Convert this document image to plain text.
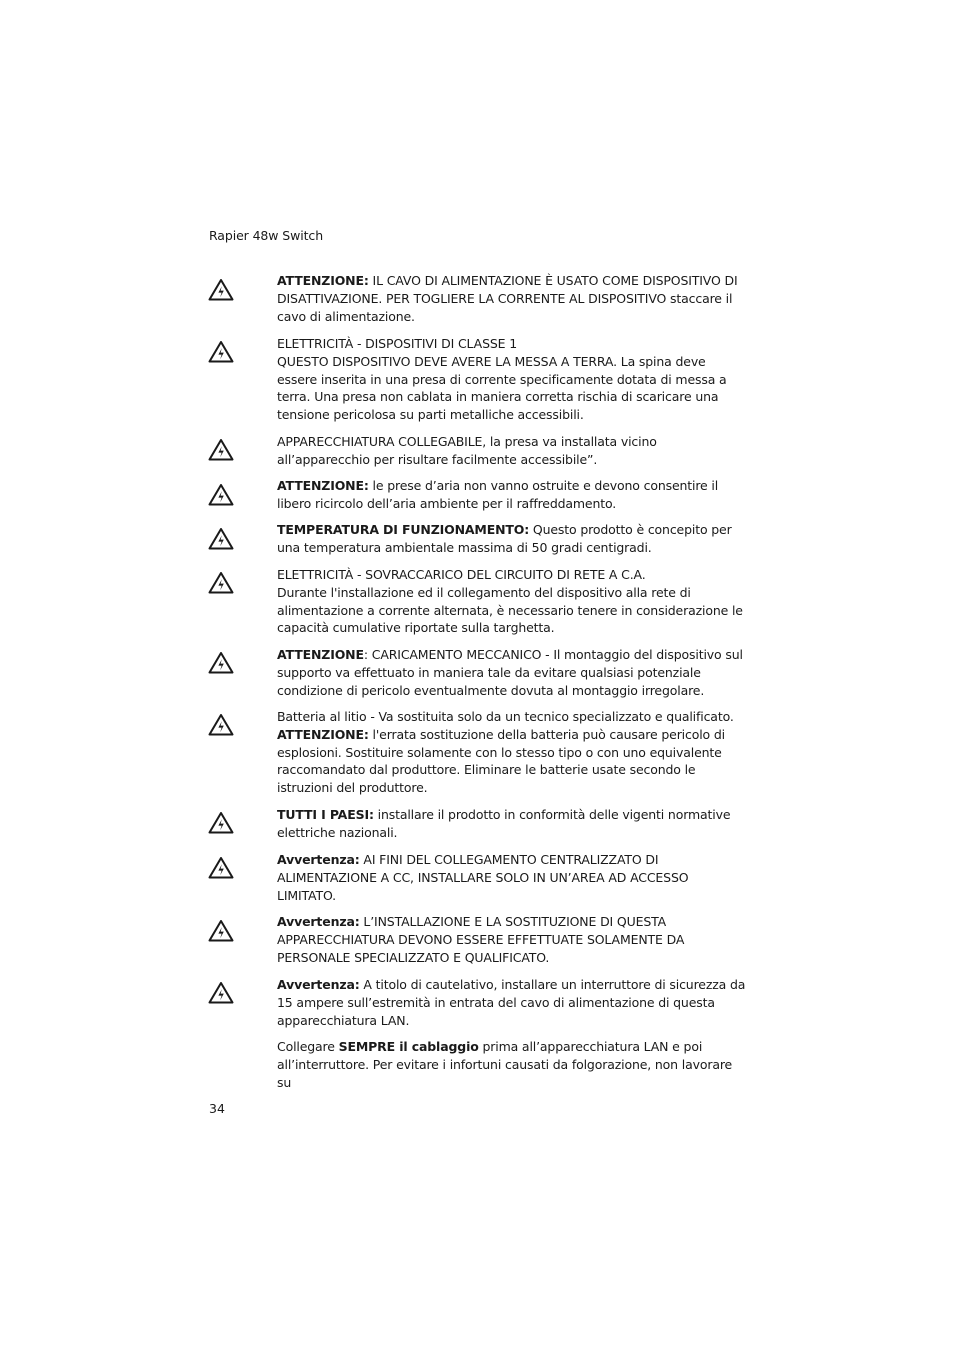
Rapier 48w Switch
ATTENZIONE: IL CAVO DI ALIMENTAZIONE È USATO COME DISPOSITIVO DI DISATTIVAZIONE. PER TOGLIERE LA CORRENTE AL DISPOSITIVO staccare il cavo di alimentazione.
ELETTRICITÀ - DISPOSITIVI DI CLASSE 1
QUESTO DISPOSITIVO DEVE AVERE LA MESSA A TERRA. La spina deve essere inserita in una presa di corrente specificamente dotata di messa a terra. Una presa non cablata in maniera corretta rischia di scaricare una tensione pericolosa su parti metalliche accessibili.
APPARECCHIATURA COLLEGABILE, la presa va installata vicino all’apparecchio per risultare facilmente accessibile”.
ATTENZIONE: le prese d’aria non vanno ostruite e devono consentire il libero ricircolo dell’aria ambiente per il raffreddamento.
TEMPERATURA DI FUNZIONAMENTO: Questo prodotto è concepito per una temperatura ambientale massima di 50 gradi centigradi.
ELETTRICITÀ - SOVRACCARICO DEL CIRCUITO DI RETE A C.A.
Durante l'installazione ed il collegamento del dispositivo alla rete di alimentazione a corrente alternata, è necessario tenere in considerazione le capacità cumulative riportate sulla targhetta.
ATTENZIONE: CARICAMENTO MECCANICO - Il montaggio del dispositivo sul supporto va effettuato in maniera tale da evitare qualsiasi potenziale condizione di pericolo eventualmente dovuta al montaggio irregolare.
Batteria al litio - Va sostituita solo da un tecnico specializzato e qualificato.
ATTENZIONE: l'errata sostituzione della batteria può causare pericolo di esplosioni. Sostituire solamente con lo stesso tipo o con uno equivalente raccomandato dal produttore. Eliminare le batterie usate secondo le istruzioni del produttore.
TUTTI I PAESI: installare il prodotto in conformità delle vigenti normative elettriche nazionali.
Avvertenza: AI FINI DEL COLLEGAMENTO CENTRALIZZATO DI ALIMENTAZIONE A CC, INSTALLARE SOLO IN UN’AREA AD ACCESSO LIMITATO.
Avvertenza: L’INSTALLAZIONE E LA SOSTITUZIONE DI QUESTA APPARECCHIATURA DEVONO ESSERE EFFETTUATE SOLAMENTE DA PERSONALE SPECIALIZZATO E QUALIFICATO.
Avvertenza: A titolo di cautelativo, installare un interruttore di sicurezza da 15 ampere sull’estremità in entrata del cavo di alimentazione di questa apparecchiatura LAN.
Collegare SEMPRE il cablaggio prima all’apparecchiatura LAN e poi all’interruttore. Per evitare i infortuni causati da folgorazione, non lavorare su
34
